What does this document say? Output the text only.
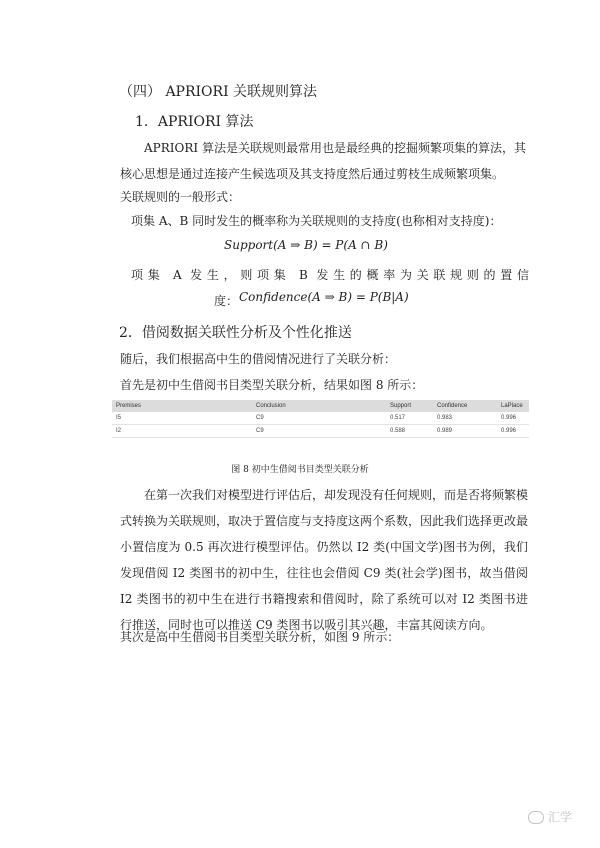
（四） APRIORI 关联规则算法
1．APRIORI 算法
APRIORI 算法是关联规则最常用也是最经典的挖掘频繁项集的算法，其核心思想是通过连接产生候选项及其支持度然后通过剪枝生成频繁项集。
关联规则的一般形式：
项集 A、B 同时发生的概率称为关联规则的支持度(也称相对支持度)：
Support(A ⇒ B) = P(A ∩ B)
项集 A 发生，则项集 B 发生的概率为关联规则的置信
度： Confidence(A ⇒ B) = P(B|A)
2．借阅数据关联性分析及个性化推送
随后，我们根据高中生的借阅情况进行了关联分析：
首先是初中生借阅书目类型关联分析，结果如图 8 所示：
Premises	Conclusion	Support	Confidence	LaPlace
I5	C9	0.517	0.983	0.996
I2	C9	0.588	0.989	0.996
图 8 初中生借阅书目类型关联分析
在第一次我们对模型进行评估后，却发现没有任何规则，而是否将频繁模式转换为关联规则，取决于置信度与支持度这两个系数，因此我们选择更改最小置信度为 0.5 再次进行模型评估。仍然以 I2 类(中国文学)图书为例，我们发现借阅 I2 类图书的初中生，往往也会借阅 C9 类(社会学)图书，故当借阅 I2 类图书的初中生在进行书籍搜索和借阅时，除了系统可以对 I2 类图书进行推送，同时也可以推送 C9 类图书以吸引其兴趣，丰富其阅读方向。
其次是高中生借阅书目类型关联分析，如图 9 所示：
汇学
